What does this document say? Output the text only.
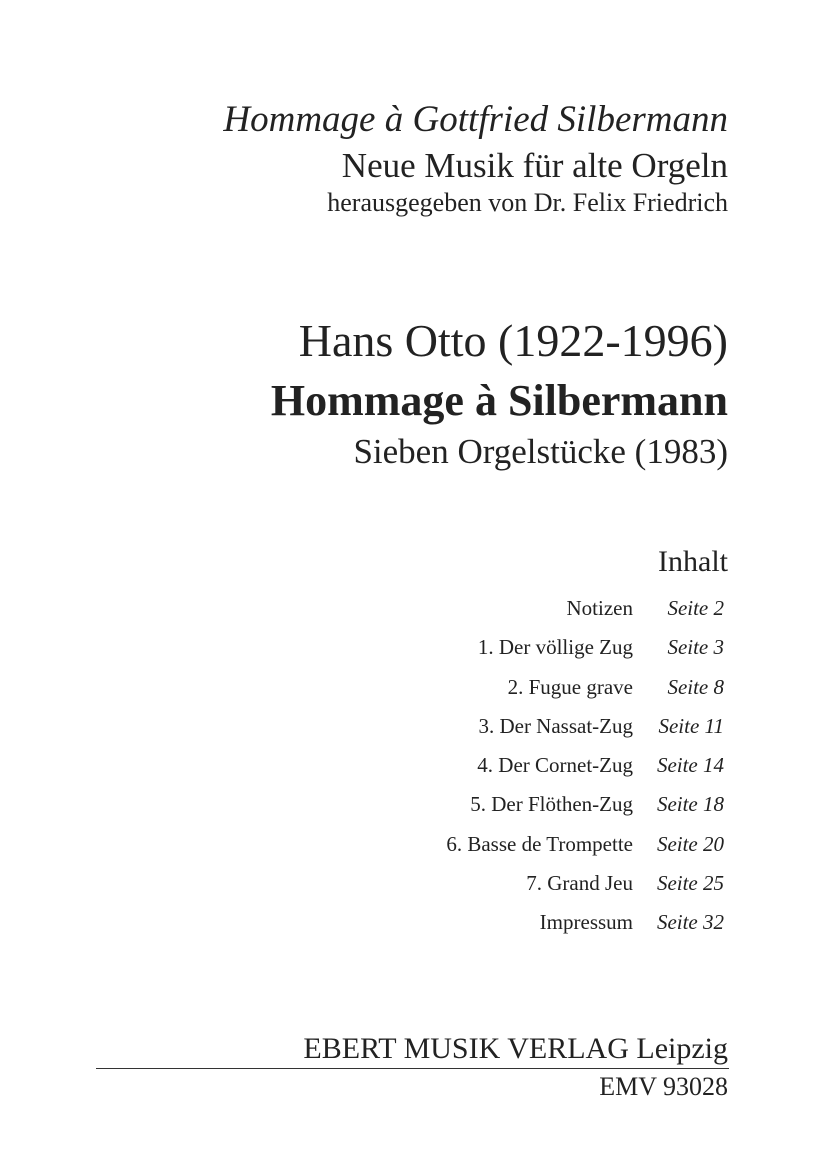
Hommage à Gottfried Silbermann
Neue Musik für alte Orgeln
herausgegeben von Dr. Felix Friedrich
Hans Otto (1922-1996)
Hommage à Silbermann
Sieben Orgelstücke (1983)
Inhalt
Notizen Seite 2
1. Der völlige Zug Seite 3
2. Fugue grave Seite 8
3. Der Nassat-Zug Seite 11
4. Der Cornet-Zug Seite 14
5. Der Flöthen-Zug Seite 18
6. Basse de Trompette Seite 20
7. Grand Jeu Seite 25
Impressum Seite 32
EBERT MUSIK VERLAG Leipzig
EMV 93028
